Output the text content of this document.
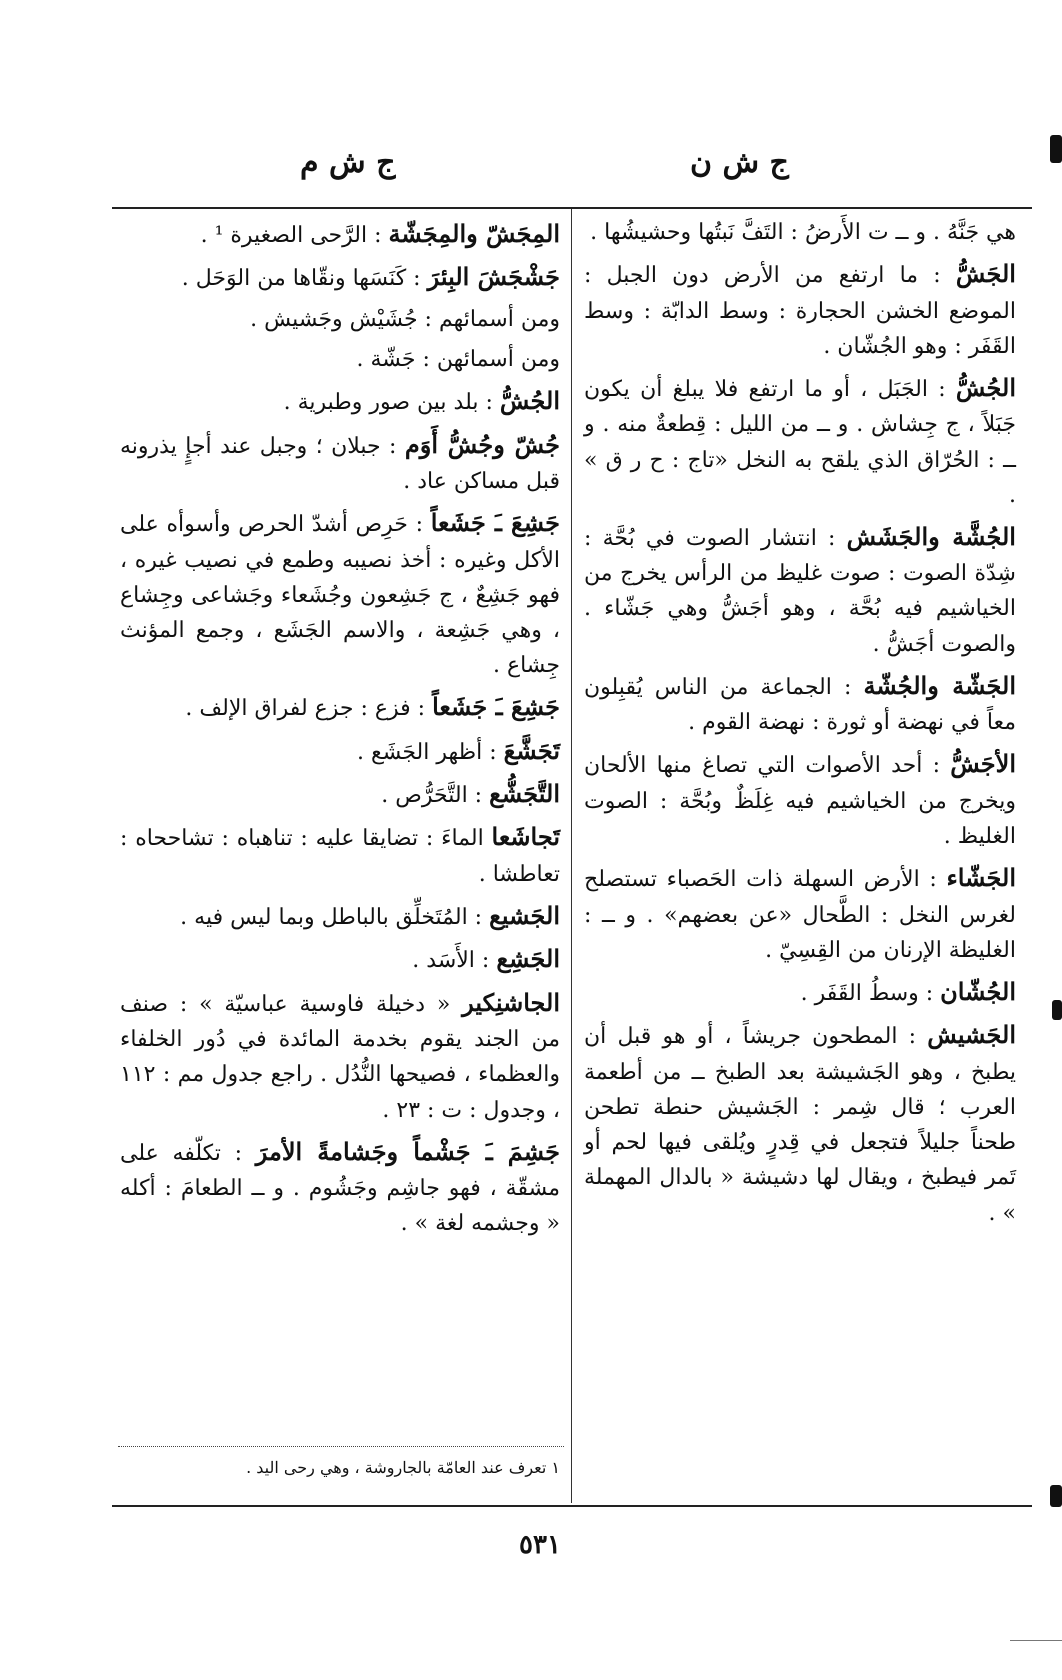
ج ش م	ج ش ن

هي جَنَّهُ . و ــ ت الأَرضُ : التَفَّ نَبتُها وحشيشُها .

الجَشُّ : ما ارتفع من الأرض دون الجبل : الموضع الخشن الحجارة : وسط الدابّة : وسط القَفَر : وهو الجُشّان .

الجُشُّ : الجَبَل ، أو ما ارتفع فلا يبلغ أن يكون جَبَلاً ، ج جِشاش . و ــ من الليل : قِطعةٌ منه . و ــ : الحُرّاق الذي يلقح به النخل «تاج : ح ر ق » .

الجُشَّة والجَشَش : انتشار الصوت في بُحَّة : شِدّة الصوت : صوت غليظ من الرأس يخرج من الخياشيم فيه بُحَّة ، وهو أجَشُّ وهي جَشّاء . والصوت أجَشُّ .

الجَشّة والجُشّة : الجماعة من الناس يُقبِلون معاً في نهضة أو ثورة : نهضة القوم .

الأجَشُّ : أحد الأصوات التي تصاغ منها الألحان ويخرج من الخياشيم فيه غِلَظٌ وبُحَّة : الصوت الغليظ .

الجَشّاء : الأرض السهلة ذات الحَصباء تستصلح لغرس النخل : الطَّحال «عن بعضهم» . و ــ : الغليظة الإرنان من القِسِيّ .

الجُشّان : وسطُ القَفَر .

الجَشيش : المطحون جريشاً ، أو هو قبل أن يطبخ ، وهو الجَشيشة بعد الطبخ ــ من أطعمة العرب ؛ قال شِمر : الجَشيش حنطة تطحن طحناً جليلاً فتجعل في قِدرٍ ويُلقى فيها لحم أو تَمر فيطبخ ، ويقال لها دشيشة « بالدال المهملة » .

المِجَشّ والمِجَشّة : الرَّحى الصغيرة ¹ .

جَشْجَشَ البِئرَ : كَنَسَها ونقّاها من الوَحَل .

ومن أسمائهم : جُشَيْش وجَشيش .

ومن أسمائهن : جَشّة .

الجُشُّ : بلد بين صور وطبرية .

جُشّ وجُشُّ أَوَم : جبلان ؛ وجبل عند أجإٍ يذرونه قبل مساكن عاد .

جَشِعَ ـَ جَشَعاً : حَرِص أشدّ الحرص وأسوأه على الأكل وغيره : أخذ نصيبه وطمع في نصيب غيره ، فهو جَشِعٌ ، ج جَشِعون وجُشَعاء وجَشاعى وجِشاع ، وهي جَشِعة ، والاسم الجَشَع ، وجمع المؤنث جِشاع .

جَشِعَ ـَ جَشَعاً : فزع : جزع لفراق الإلف .

تَجَشَّعَ : أظهر الجَشَع .

التَّجَشُّع : التَّحَرُّص .

تَجاشَعا الماءَ : تضايقا عليه : تناهباه : تشاححاه : تعاطشا .

الجَشيع : المُتَخلِّق بالباطل وبما ليس فيه .

الجَشِع : الأَسَد .

الجاشنِكير « دخيلة فاوسية عباسيّة » : صنف من الجند يقوم بخدمة المائدة في دُور الخلفاء والعظماء ، فصيحها النُّدُل . راجع جدول مم : ١١٢ ، وجدول : ت : ٢٣ .

جَشِمَ ـَ جَشْماً وجَشامةً الأمرَ : تكلّفه على مشقّة ، فهو جاشِم وجَشُوم . و ــ الطعامَ : أكله « وجشمه لغة » .

١ تعرف عند العامّة بالجاروشة ، وهي رحى اليد .
٥٣١
